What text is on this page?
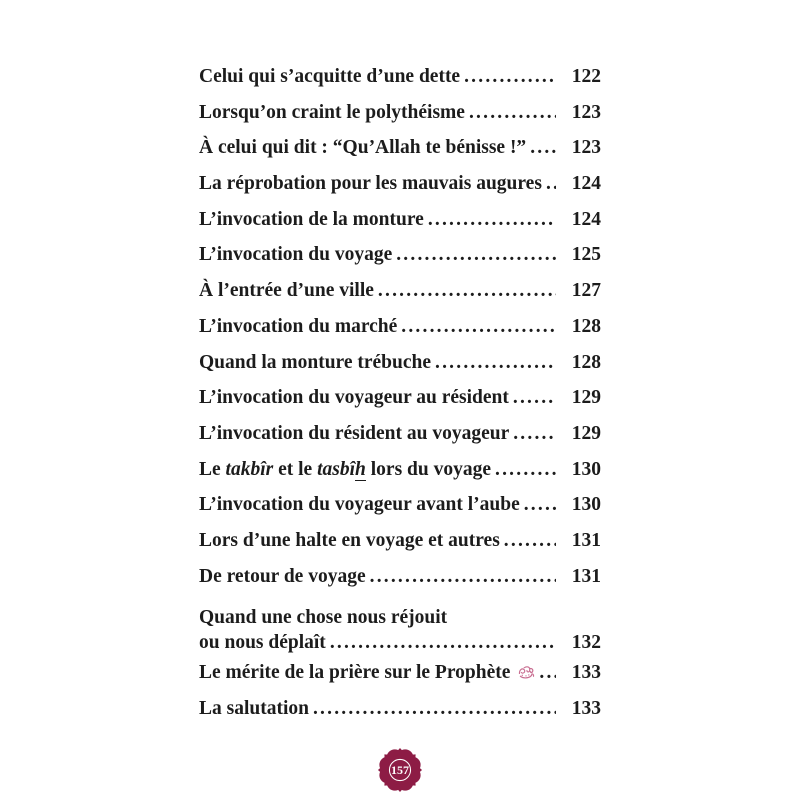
Celui qui s’acquitte d’une dette .....	122
Lorsqu’on craint le polythéisme .....	123
À celui qui dit : “Qu’Allah te bénisse !” .....	123
La réprobation pour les mauvais augures .....	124
L’invocation de la monture .....	124
L’invocation du voyage .....	125
À l’entrée d’une ville .....	127
L’invocation du marché .....	128
Quand la monture trébuche .....	128
L’invocation du voyageur au résident .....	129
L’invocation du résident au voyageur .....	129
Le takbîr et le tasbîh lors du voyage .....	130
L’invocation du voyageur avant l’aube .....	130
Lors d’une halte en voyage et autres .....	131
De retour de voyage .....	131
Quand une chose nous réjouit
ou nous déplaît .....	132
Le mérite de la prière sur le Prophète .....	133
La salutation .....	133
157
